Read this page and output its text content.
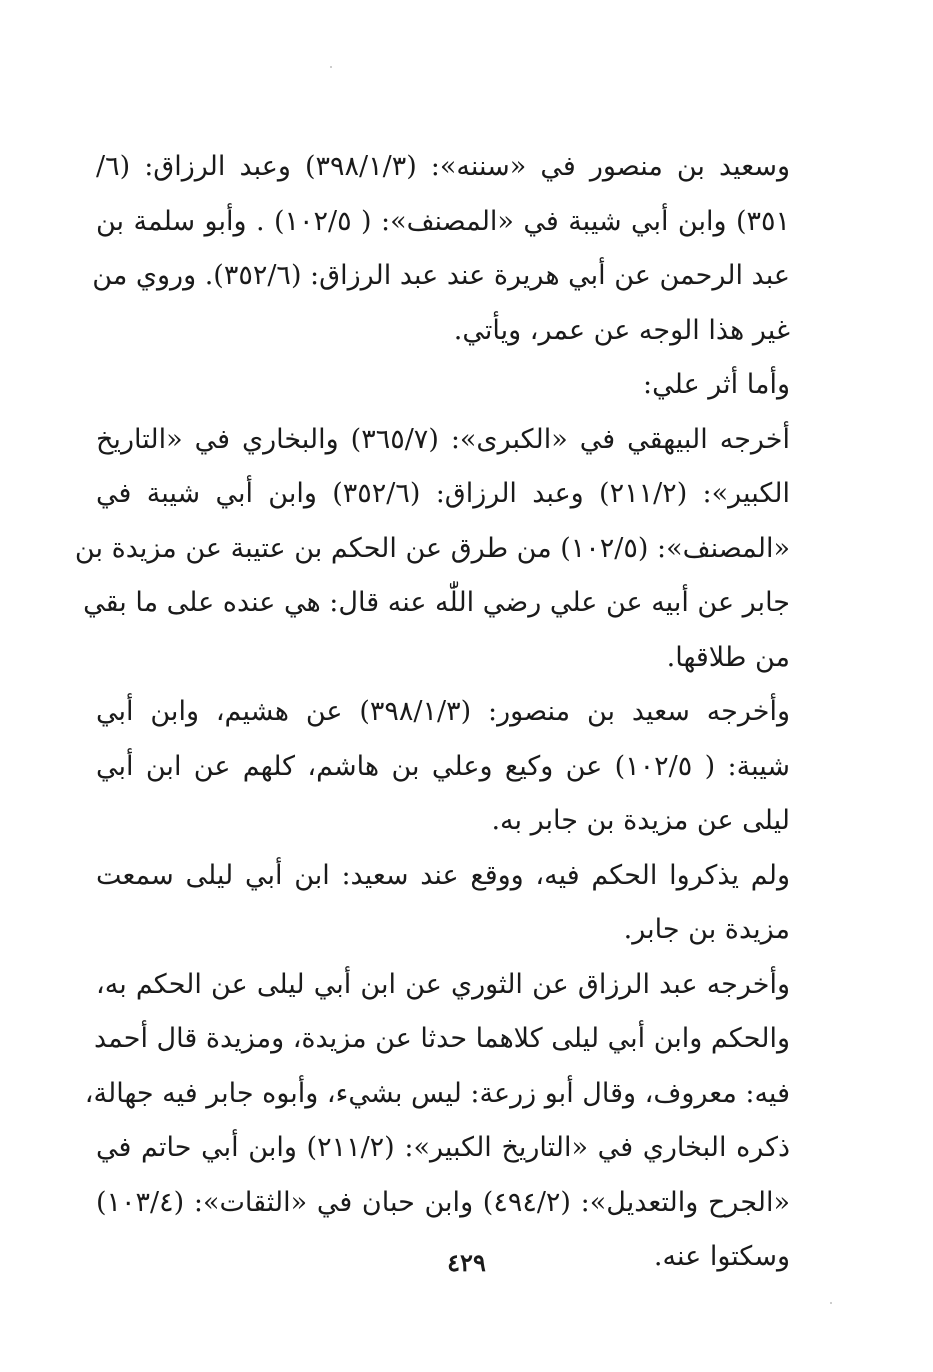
وسعيد بن منصور في «سننه»: (٣٩٨/١/٣) وعبد الرزاق: (٦/
٣٥١) وابن أبي شيبة في «المصنف»: ( ١٠٢/٥) . وأبو سلمة بن
عبد الرحمن عن أبي هريرة عند عبد الرزاق: (٣٥٢/٦). وروي من
غير هذا الوجه عن عمر، ويأتي.
وأما أثر علي:
أخرجه البيهقي في «الكبرى»: (٣٦٥/٧) والبخاري في «التاريخ
الكبير»: (٢١١/٢) وعبد الرزاق: (٣٥٢/٦) وابن أبي شيبة في
«المصنف»: (١٠٢/٥) من طرق عن الحكم بن عتيبة عن مزيدة بن
جابر عن أبيه عن علي رضي اللّٰه عنه قال: هي عنده على ما بقي
من طلاقها.
وأخرجه سعيد بن منصور: (٣٩٨/١/٣) عن هشيم، وابن أبي
شيبة: ( ١٠٢/٥) عن وكيع وعلي بن هاشم، كلهم عن ابن أبي
ليلى عن مزيدة بن جابر به.
ولم يذكروا الحكم فيه، ووقع عند سعيد: ابن أبي ليلى سمعت
مزيدة بن جابر.
وأخرجه عبد الرزاق عن الثوري عن ابن أبي ليلى عن الحكم به،
والحكم وابن أبي ليلى كلاهما حدثا عن مزيدة، ومزيدة قال أحمد
فيه: معروف، وقال أبو زرعة: ليس بشيء، وأبوه جابر فيه جهالة،
ذكره البخاري في «التاريخ الكبير»: (٢١١/٢) وابن أبي حاتم في
«الجرح والتعديل»: (٤٩٤/٢) وابن حبان في «الثقات»: (١٠٣/٤)
وسكتوا عنه.
٤٢٩
